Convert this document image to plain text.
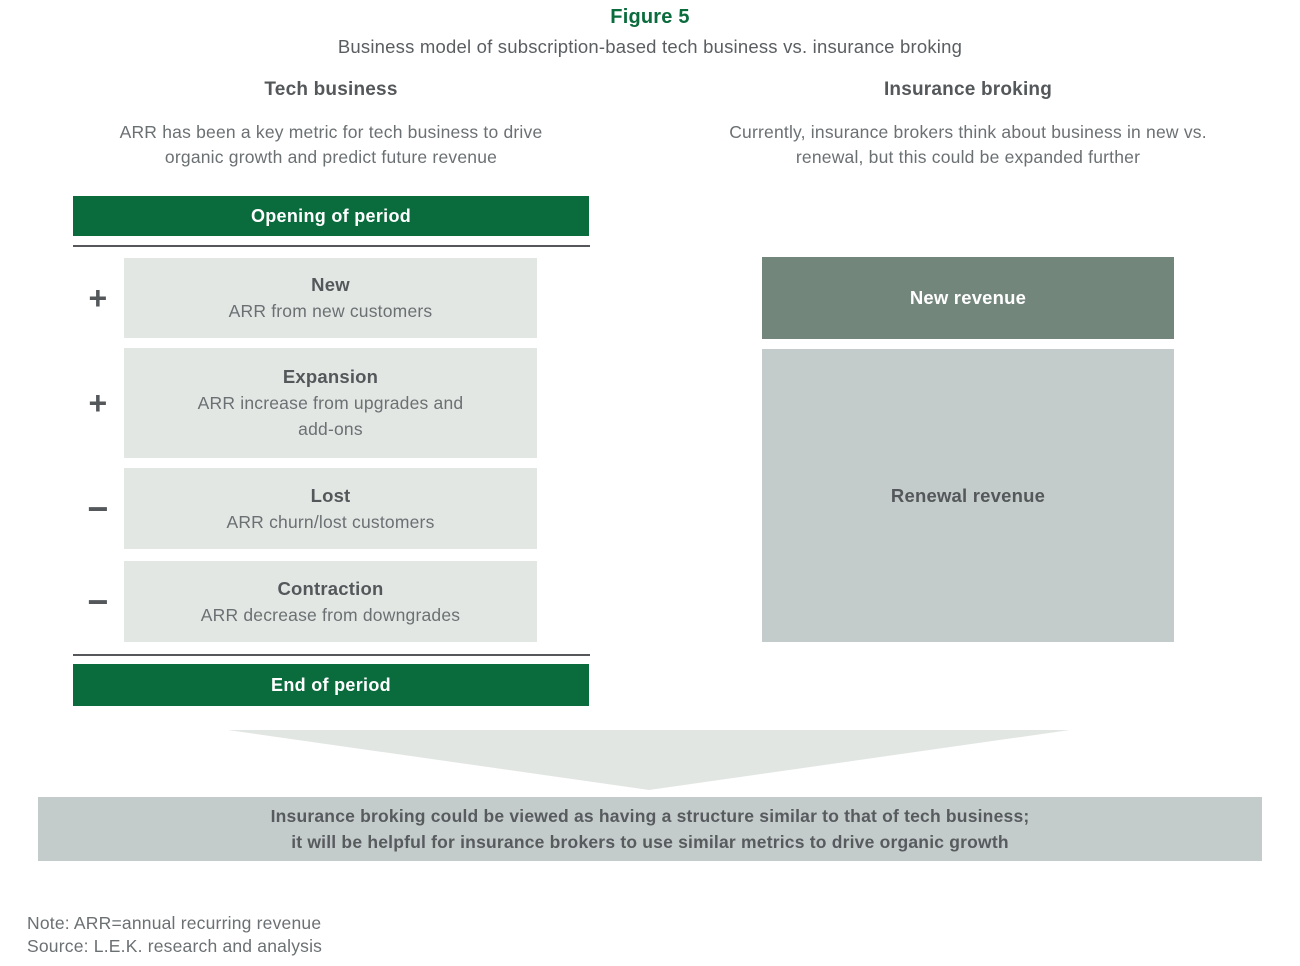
Figure 5
Business model of subscription-based tech business vs. insurance broking
Tech business	Insurance broking

ARR has been a key metric for tech business to drive organic growth and predict future revenue

Currently, insurance brokers think about business in new vs. renewal, but this could be expanded further

Opening of period
+	New
ARR from new customers
+
Expansion
ARR increase from upgrades and add-ons
−	Lost
ARR churn/lost customers
−	Contraction
ARR decrease from downgrades
End of period
New revenue
Renewal revenue
Insurance broking could be viewed as having a structure similar to that of tech business;
it will be helpful for insurance brokers to use similar metrics to drive organic growth
Note: ARR=annual recurring revenue
Source: L.E.K. research and analysis
